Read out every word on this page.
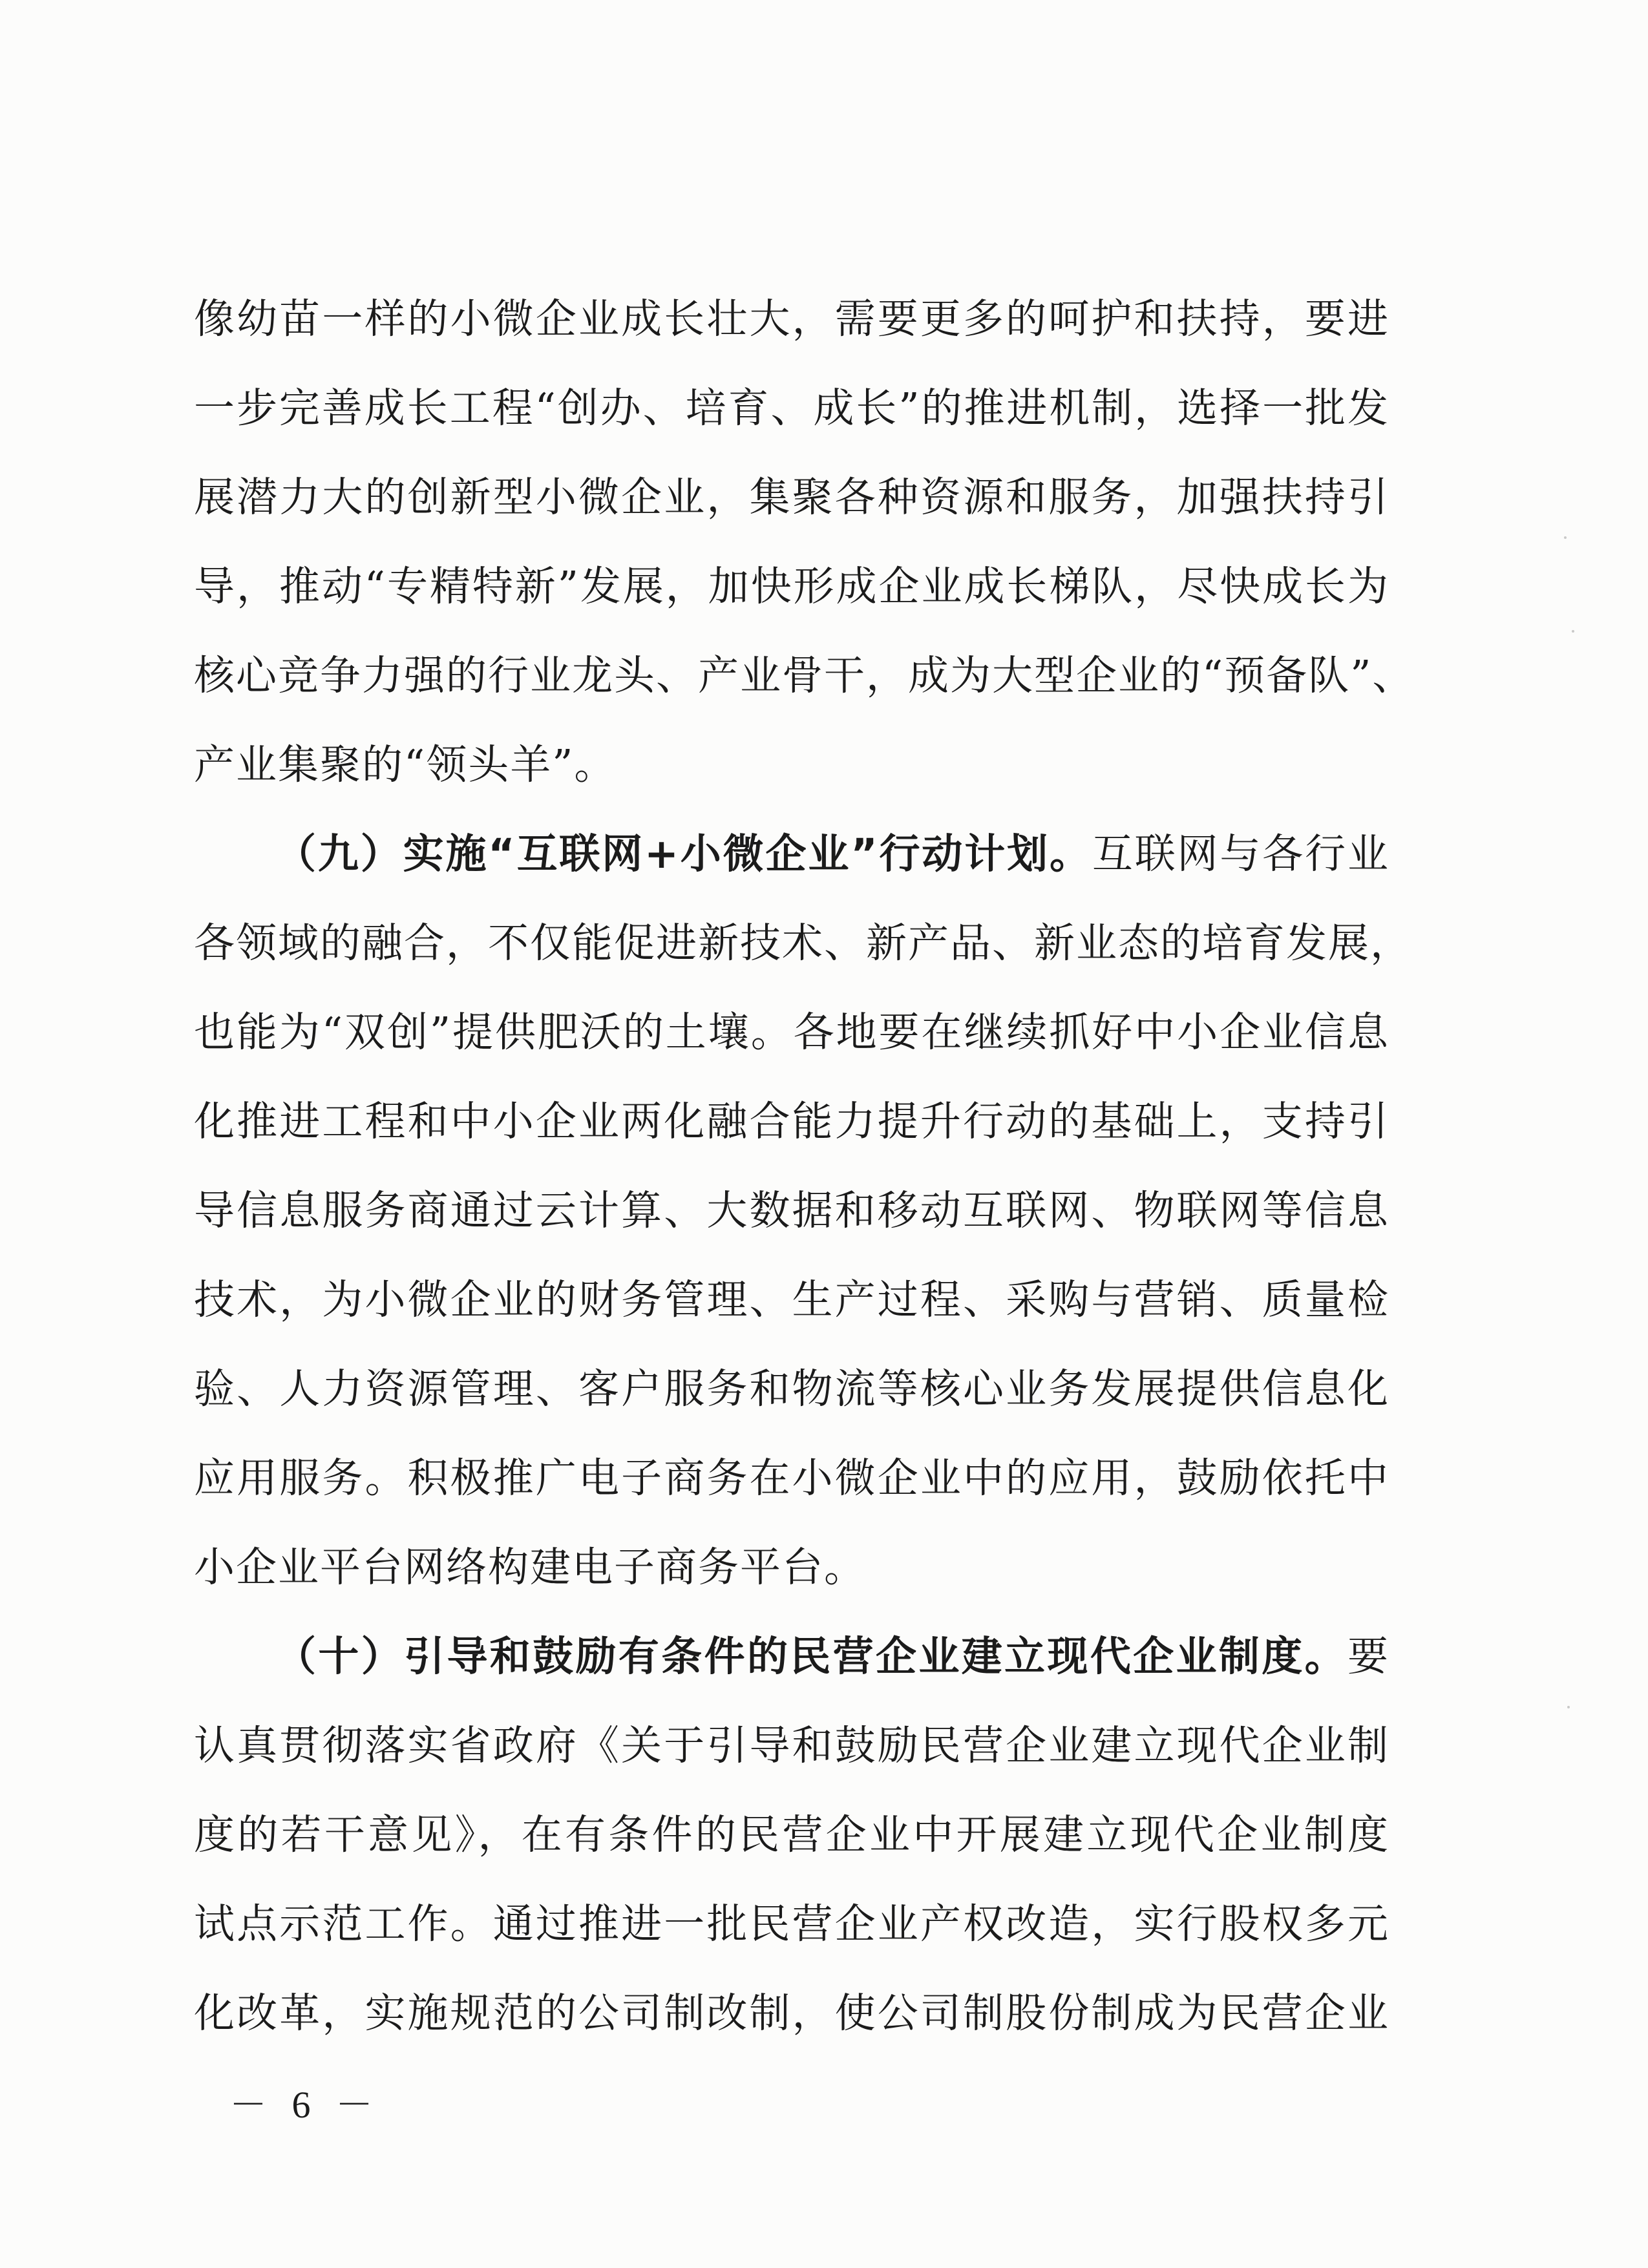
像幼苗一样的小微企业成长壮大，需要更多的呵护和扶持，要进
一步完善成长工程“创办、培育、成长”的推进机制，选择一批发
展潜力大的创新型小微企业，集聚各种资源和服务，加强扶持引
导，推动“专精特新”发展，加快形成企业成长梯队，尽快成长为
核心竞争力强的行业龙头、产业骨干，成为大型企业的“预备队”、
产业集聚的“领头羊”。
（九）实施“互联网+小微企业”行动计划。互联网与各行业
各领域的融合，不仅能促进新技术、新产品、新业态的培育发展，
也能为“双创”提供肥沃的土壤。各地要在继续抓好中小企业信息
化推进工程和中小企业两化融合能力提升行动的基础上，支持引
导信息服务商通过云计算、大数据和移动互联网、物联网等信息
技术，为小微企业的财务管理、生产过程、采购与营销、质量检
验、人力资源管理、客户服务和物流等核心业务发展提供信息化
应用服务。积极推广电子商务在小微企业中的应用，鼓励依托中
小企业平台网络构建电子商务平台。
（十）引导和鼓励有条件的民营企业建立现代企业制度。要
认真贯彻落实省政府《关于引导和鼓励民营企业建立现代企业制
度的若干意见》，在有条件的民营企业中开展建立现代企业制度
试点示范工作。通过推进一批民营企业产权改造，实行股权多元
化改革，实施规范的公司制改制，使公司制股份制成为民营企业
－ 6 －
